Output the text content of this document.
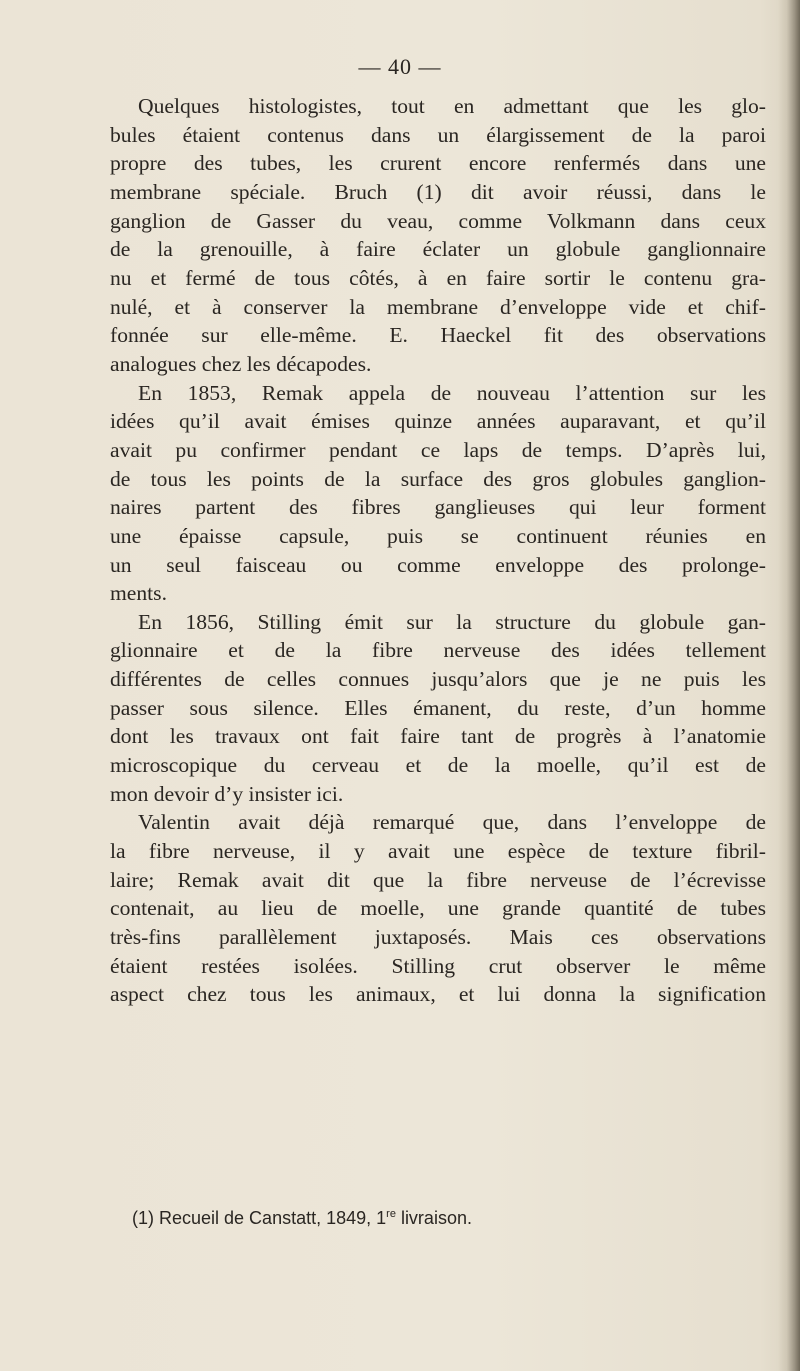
— 40 —
Quelques histologistes, tout en admettant que les glo-
bules étaient contenus dans un élargissement de la paroi
propre des tubes, les crurent encore renfermés dans une
membrane spéciale. Bruch (1) dit avoir réussi, dans le
ganglion de Gasser du veau, comme Volkmann dans ceux
de la grenouille, à faire éclater un globule ganglionnaire
nu et fermé de tous côtés, à en faire sortir le contenu gra-
nulé, et à conserver la membrane d’enveloppe vide et chif-
fonnée sur elle-même. E. Haeckel fit des observations
analogues chez les décapodes.
En 1853, Remak appela de nouveau l’attention sur les
idées qu’il avait émises quinze années auparavant, et qu’il
avait pu confirmer pendant ce laps de temps. D’après lui,
de tous les points de la surface des gros globules ganglion-
naires partent des fibres ganglieuses qui leur forment
une épaisse capsule, puis se continuent réunies en
un seul faisceau ou comme enveloppe des prolonge-
ments.
En 1856, Stilling émit sur la structure du globule gan-
glionnaire et de la fibre nerveuse des idées tellement
différentes de celles connues jusqu’alors que je ne puis les
passer sous silence. Elles émanent, du reste, d’un homme
dont les travaux ont fait faire tant de progrès à l’anatomie
microscopique du cerveau et de la moelle, qu’il est de
mon devoir d’y insister ici.
Valentin avait déjà remarqué que, dans l’enveloppe de
la fibre nerveuse, il y avait une espèce de texture fibril-
laire; Remak avait dit que la fibre nerveuse de l’écrevisse
contenait, au lieu de moelle, une grande quantité de tubes
très-fins parallèlement juxtaposés. Mais ces observations
étaient restées isolées. Stilling crut observer le même
aspect chez tous les animaux, et lui donna la signification
(1) Recueil de Canstatt, 1849, 1re livraison.
